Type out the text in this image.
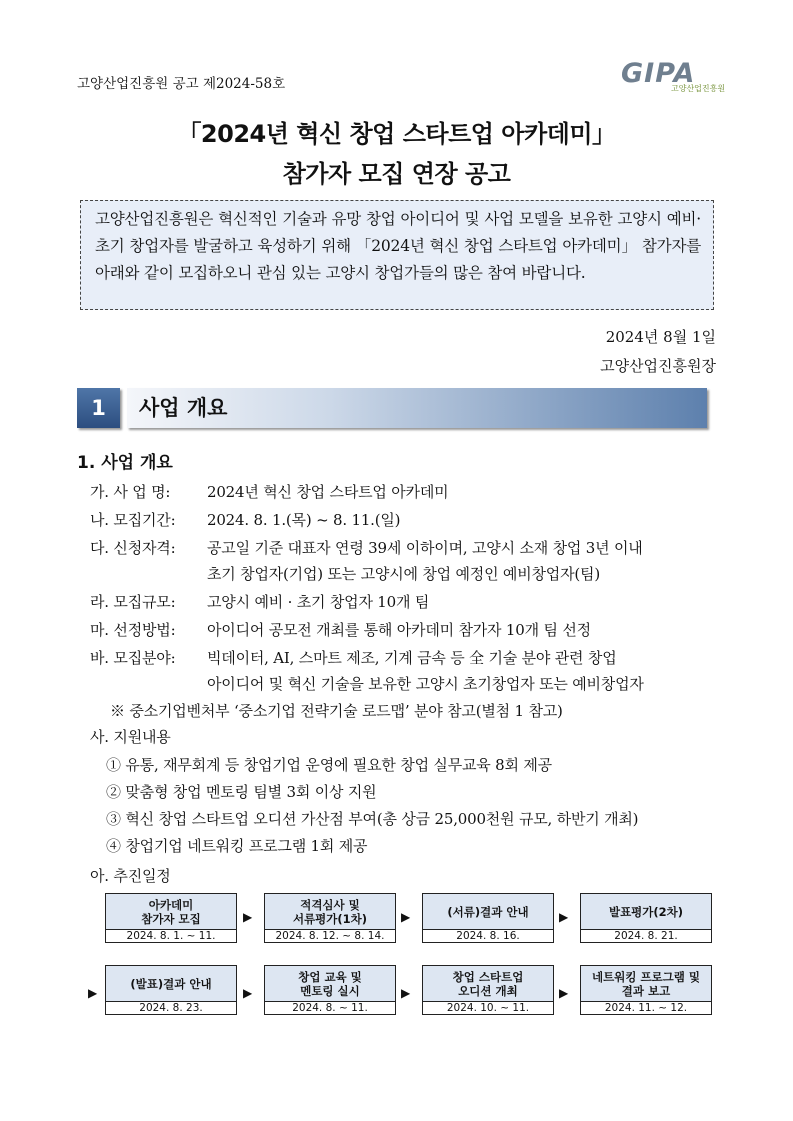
고양산업진흥원 공고 제2024-58호	GIPA
고양산업진흥원
「2024년 혁신 창업 스타트업 아카데미」
참가자 모집 연장 공고
고양산업진흥원은 혁신적인 기술과 유망 창업 아이디어 및 사업 모델을 보유한 고양시 예비·초기 창업자를 발굴하고 육성하기 위해 「2024년 혁신 창업 스타트업 아카데미」 참가자를 아래와 같이 모집하오니 관심 있는 고양시 창업가들의 많은 참여 바랍니다.
2024년 8월 1일
고양산업진흥원장
1	사업 개요
1. 사업 개요
가. 사 업 명: 2024년 혁신 창업 스타트업 아카데미
나. 모집기간: 2024. 8. 1.(목) ~ 8. 11.(일)
다. 신청자격: 공고일 기준 대표자 연령 39세 이하이며, 고양시 소재 창업 3년 이내
초기 창업자(기업) 또는 고양시에 창업 예정인 예비창업자(팀)
라. 모집규모: 고양시 예비 · 초기 창업자 10개 팀
마. 선정방법: 아이디어 공모전 개최를 통해 아카데미 참가자 10개 팀 선정
바. 모집분야: 빅데이터, AI, 스마트 제조, 기계 금속 등 全 기술 분야 관련 창업
아이디어 및 혁신 기술을 보유한 고양시 초기창업자 또는 예비창업자
※ 중소기업벤처부 ‘중소기업 전략기술 로드맵’ 분야 참고(별첨 1 참고)
사. 지원내용
① 유통, 재무회계 등 창업기업 운영에 필요한 창업 실무교육 8회 제공
② 맞춤형 창업 멘토링 팀별 3회 이상 지원
③ 혁신 창업 스타트업 오디션 가산점 부여(총 상금 25,000천원 규모, 하반기 개최)
④ 창업기업 네트워킹 프로그램 1회 제공
아. 추진일정
아카데미
참가자 모집
2024. 8. 1. ~ 11.
▶
적격심사 및
서류평가(1차)
2024. 8. 12. ~ 8. 14.
▶	(서류)결과 안내
2024. 8. 16.
▶	발표평가(2차)
2024. 8. 21.
▶
(발표)결과 안내
2024. 8. 23.
▶
창업 교육 및
멘토링 실시
2024. 8. ~ 11.
▶
창업 스타트업
오디션 개최
2024. 10. ~ 11.
▶
네트워킹 프로그램 및
결과 보고
2024. 11. ~ 12.
